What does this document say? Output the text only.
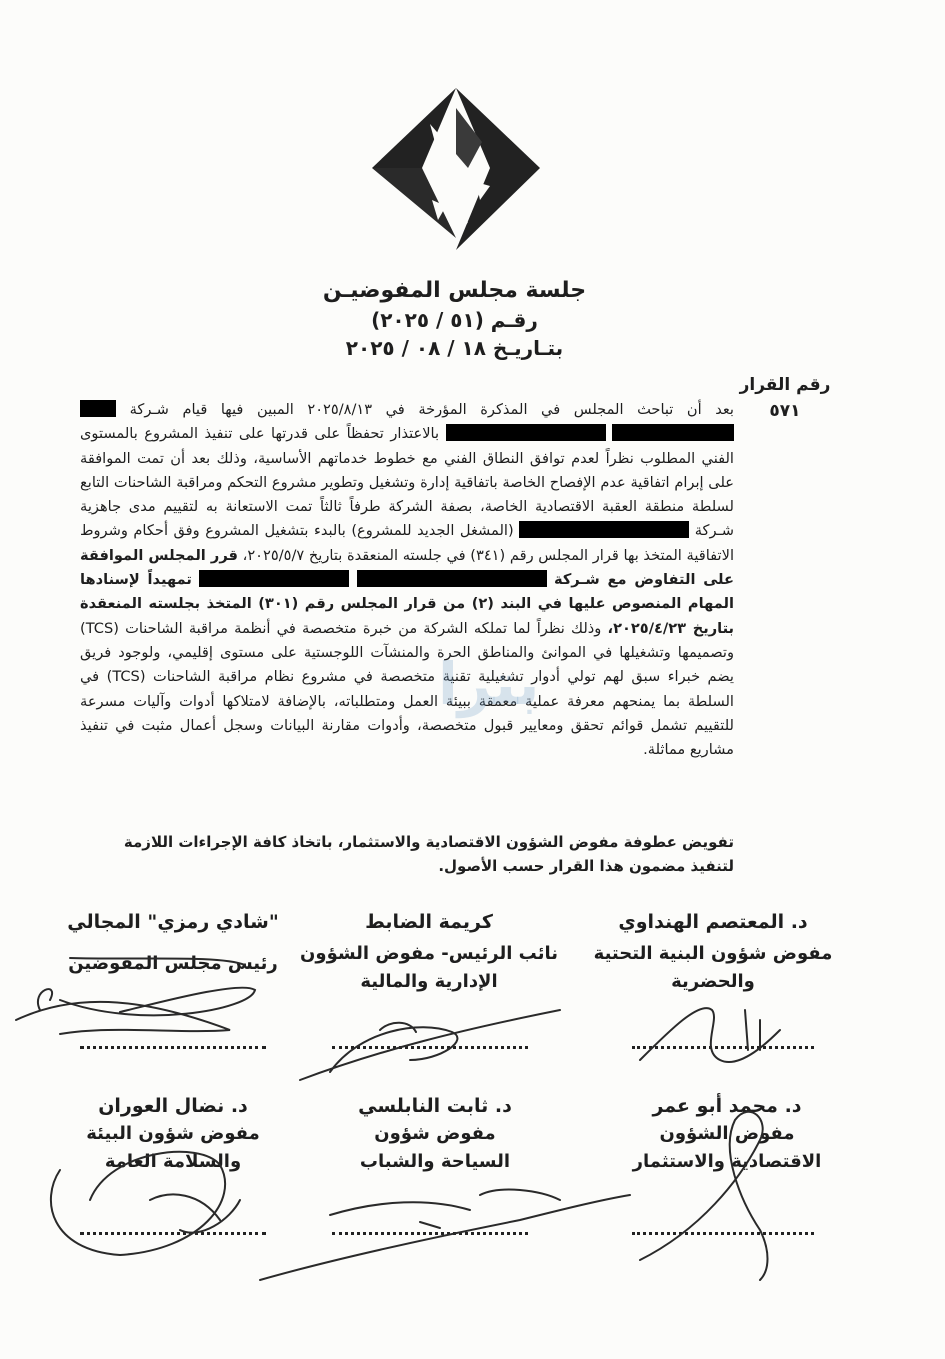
جلسة مجلس المفوضيـن
رقـم (٥١ / ٢٠٢٥)
بتـاريـخ ١٨ / ٠٨ / ٢٠٢٥
رقم القرار
٥٧١
بعد أن تباحث المجلس في المذكرة المؤرخة في ٢٠٢٥/٨/١٣ المبين فيها قيام شـركة    بالاعتذار تحفظاً على قدرتها على تنفيذ المشروع بالمستوى الفني المطلوب نظراً لعدم توافق النطاق الفني مع خطوط خدماتهم الأساسية، وذلك بعد أن تمت الموافقة على إبرام اتفاقية عدم الإفصاح الخاصة باتفاقية إدارة وتشغيل وتطوير مشروع التحكم ومراقبة الشاحنات التابع لسلطة منطقة العقبة الاقتصادية الخاصة، بصفة الشركة طرفاً ثالثاً تمت الاستعانة به لتقييم مدى جاهزية شـركة  (المشغل الجديد للمشروع) بالبدء بتشغيل المشروع وفق أحكام وشروط الاتفاقية المتخذ بها قرار المجلس رقم (٣٤١) في جلسته المنعقدة بتاريخ ٢٠٢٥/٥/٧، قرر المجلس الموافقة على التفاوض مع شـركة   تمهيداً لإسنادها المهام المنصوص عليها في البند (٢) من قرار المجلس رقم (٣٠١) المتخذ بجلسته المنعقدة بتاريخ ٢٠٢٥/٤/٢٣، وذلك نظراً لما تملكه الشركة من خبرة متخصصة في أنظمة مراقبة الشاحنات (TCS) وتصميمها وتشغيلها في الموانئ والمناطق الحرة والمنشآت اللوجستية على مستوى إقليمي، ولوجود فريق يضم خبراء سبق لهم تولي أدوار تشغيلية تقنية متخصصة في مشروع نظام مراقبة الشاحنات (TCS) في السلطة بما يمنحهم معرفة عملية معمقة ببيئة العمل ومتطلباته، بالإضافة لامتلاكها أدوات وآليات مسرعة للتقييم تشمل قوائم تحقق ومعايير قبول متخصصة، وأدوات مقارنة البيانات وسجل أعمال مثبت في تنفيذ مشاريع مماثلة.
تفويض عطوفة مفوض الشؤون الاقتصادية والاستثمار، باتخاذ كافة الإجراءات اللازمة لتنفيذ مضمون هذا القرار حسب الأصول.
"شادي رمزي" المجالي
رئيس مجلس المفوضين
كريمة الضابط
نائب الرئيس- مفوض الشؤون الإدارية والمالية
د. المعتصم الهنداوي
مفوض شؤون البنية التحتية والحضرية
د. نضال العوران
مفوض شؤون البيئة والسلامة العامة
د. ثابت النابلسي
مفوض شؤون السياحة والشباب
د. محمد أبو عمر
مفوض الشؤون الاقتصادية والاستثمار
بترا
